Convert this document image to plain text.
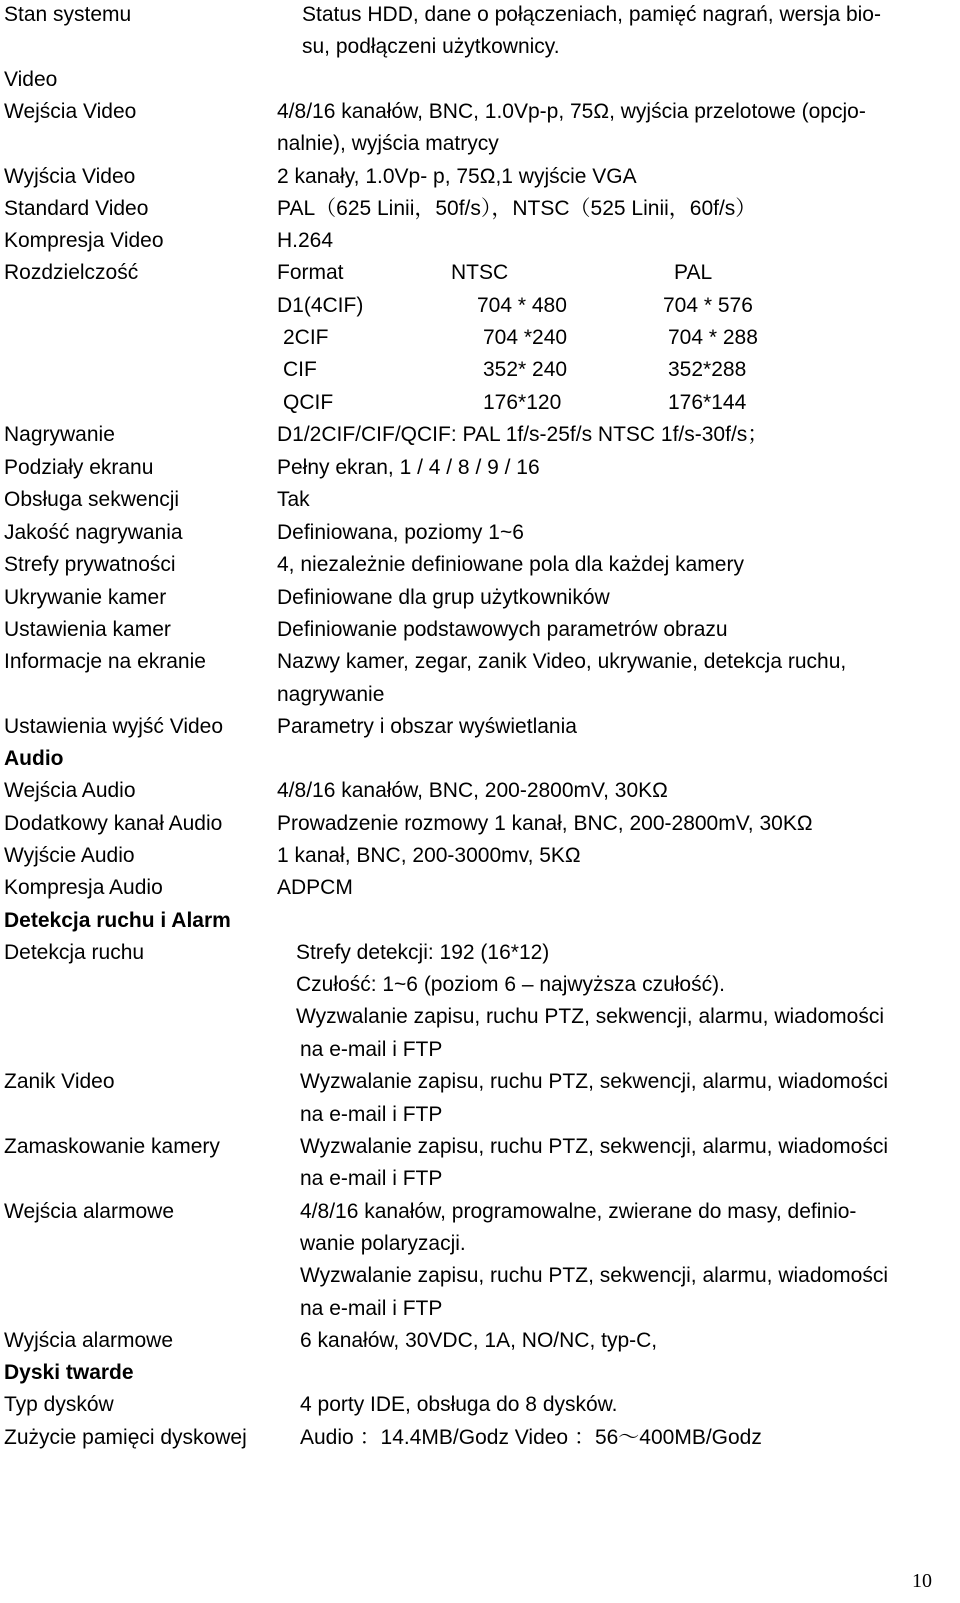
Stan systemu	Status HDD, dane o połączeniach, pamięć nagrań, wersja bio-
su, podłączeni użytkownicy.
Video
Wejścia Video	4/8/16 kanałów, BNC, 1.0Vp-p, 75Ω, wyjścia przelotowe (opcjo-
nalnie), wyjścia matrycy
Wyjścia Video	2 kanały, 1.0Vp- p, 75Ω,1 wyjście VGA
Standard Video	PAL（625 Linii，50f/s），NTSC（525 Linii，60f/s）
Kompresja Video	H.264
Rozdzielczość	Format	NTSC	PAL
D1(4CIF)	704 * 480	704 * 576
2CIF	704 *240	704 * 288
CIF	352* 240	352*288
QCIF	176*120	176*144
Nagrywanie	D1/2CIF/CIF/QCIF: PAL 1f/s-25f/s NTSC 1f/s-30f/s；
Podziały ekranu	Pełny ekran, 1 / 4 / 8 / 9 / 16
Obsługa sekwencji	Tak
Jakość nagrywania	Definiowana, poziomy 1~6
Strefy prywatności	4, niezależnie definiowane pola dla każdej kamery
Ukrywanie kamer	Definiowane dla grup użytkowników
Ustawienia kamer	Definiowanie podstawowych parametrów obrazu
Informacje na ekranie	Nazwy kamer, zegar, zanik Video, ukrywanie, detekcja ruchu,
nagrywanie
Ustawienia wyjść Video	Parametry i obszar wyświetlania
Audio
Wejścia Audio	4/8/16 kanałów, BNC, 200-2800mV, 30KΩ
Dodatkowy kanał Audio	Prowadzenie rozmowy 1 kanał, BNC, 200-2800mV, 30KΩ
Wyjście Audio	1 kanał, BNC, 200-3000mv, 5KΩ
Kompresja Audio	ADPCM
Detekcja ruchu i Alarm
Detekcja ruchu	Strefy detekcji: 192 (16*12)
Czułość: 1~6 (poziom 6 – najwyższa czułość).
Wyzwalanie zapisu, ruchu PTZ, sekwencji, alarmu, wiadomości
na e-mail i FTP
Zanik Video	Wyzwalanie zapisu, ruchu PTZ, sekwencji, alarmu, wiadomości
na e-mail i FTP
Zamaskowanie kamery	Wyzwalanie zapisu, ruchu PTZ, sekwencji, alarmu, wiadomości
na e-mail i FTP
Wejścia alarmowe	4/8/16 kanałów, programowalne, zwierane do masy, definio-
wanie polaryzacji.
Wyzwalanie zapisu, ruchu PTZ, sekwencji, alarmu, wiadomości
na e-mail i FTP
Wyjścia alarmowe	6 kanałów, 30VDC, 1A, NO/NC, typ-C,
Dyski twarde
Typ dysków	4 porty IDE, obsługa do 8 dysków.
Zużycie pamięci dyskowej	Audio ：14.4MB/Godz Video ：56～400MB/Godz
10
